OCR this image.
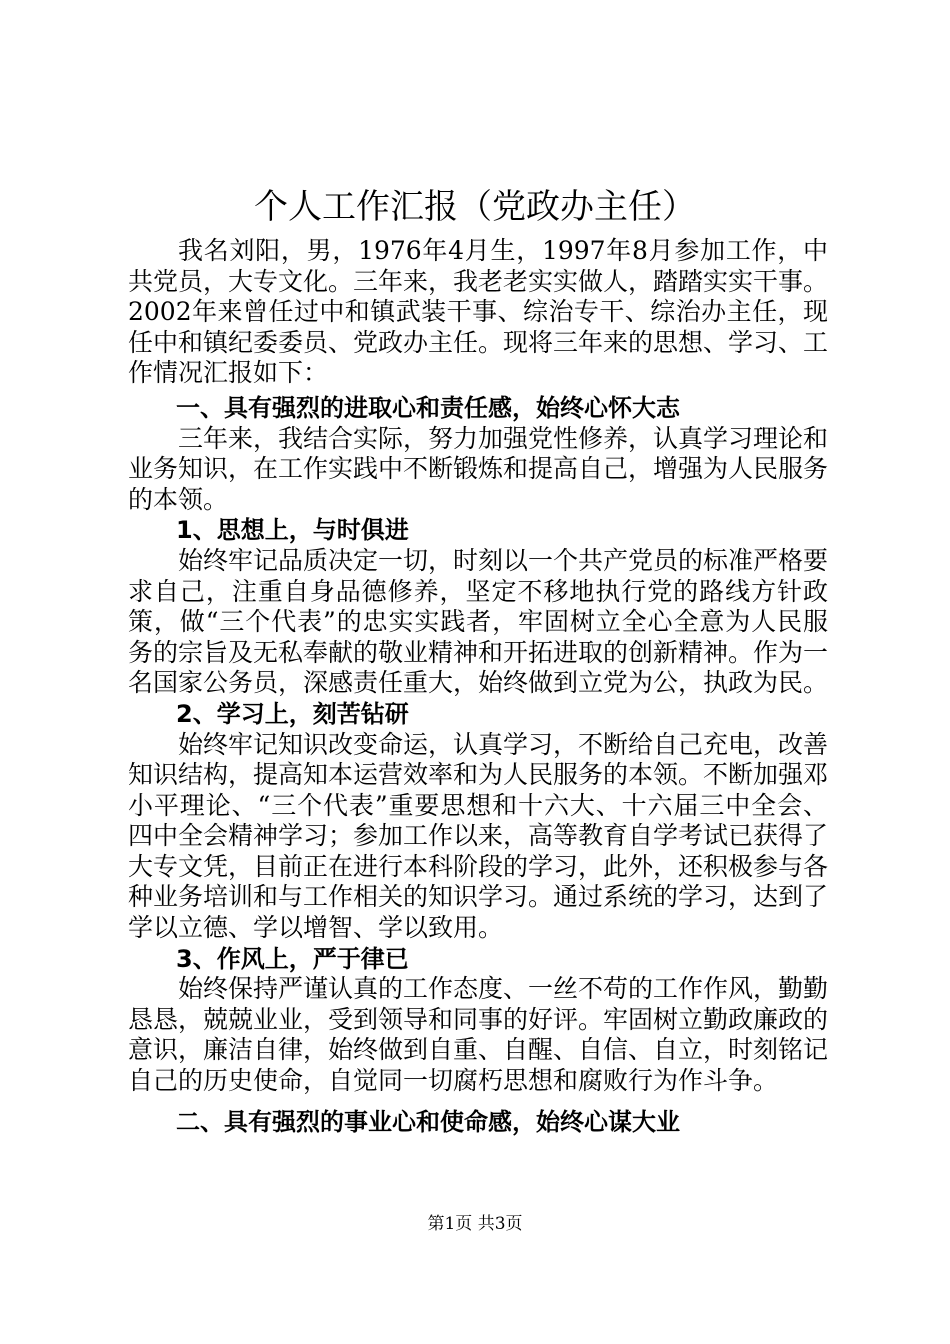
个人工作汇报（党政办主任）

我名刘阳，男，1976年4月生，1997年8月参加工作，中共党员，大专文化。三年来，我老老实实做人，踏踏实实干事。2002年来曾任过中和镇武装干事、综治专干、综治办主任，现任中和镇纪委委员、党政办主任。现将三年来的思想、学习、工作情况汇报如下：

一、具有强烈的进取心和责任感，始终心怀大志

三年来，我结合实际，努力加强党性修养，认真学习理论和业务知识，在工作实践中不断锻炼和提高自己，增强为人民服务的本领。

1、思想上，与时俱进

始终牢记品质决定一切，时刻以一个共产党员的标准严格要求自己，注重自身品德修养，坚定不移地执行党的路线方针政策，做“三个代表”的忠实实践者，牢固树立全心全意为人民服务的宗旨及无私奉献的敬业精神和开拓进取的创新精神。作为一名国家公务员，深感责任重大，始终做到立党为公，执政为民。

2、学习上，刻苦钻研

始终牢记知识改变命运，认真学习，不断给自己充电，改善知识结构，提高知本运营效率和为人民服务的本领。不断加强邓小平理论、“三个代表”重要思想和十六大、十六届三中全会、四中全会精神学习；参加工作以来，高等教育自学考试已获得了大专文凭，目前正在进行本科阶段的学习，此外，还积极参与各种业务培训和与工作相关的知识学习。通过系统的学习，达到了学以立德、学以增智、学以致用。

3、作风上，严于律已

始终保持严谨认真的工作态度、一丝不苟的工作作风，勤勤恳恳，兢兢业业，受到领导和同事的好评。牢固树立勤政廉政的意识，廉洁自律，始终做到自重、自醒、自信、自立，时刻铭记自己的历史使命，自觉同一切腐朽思想和腐败行为作斗争。

二、具有强烈的事业心和使命感，始终心谋大业

第1页 共3页
